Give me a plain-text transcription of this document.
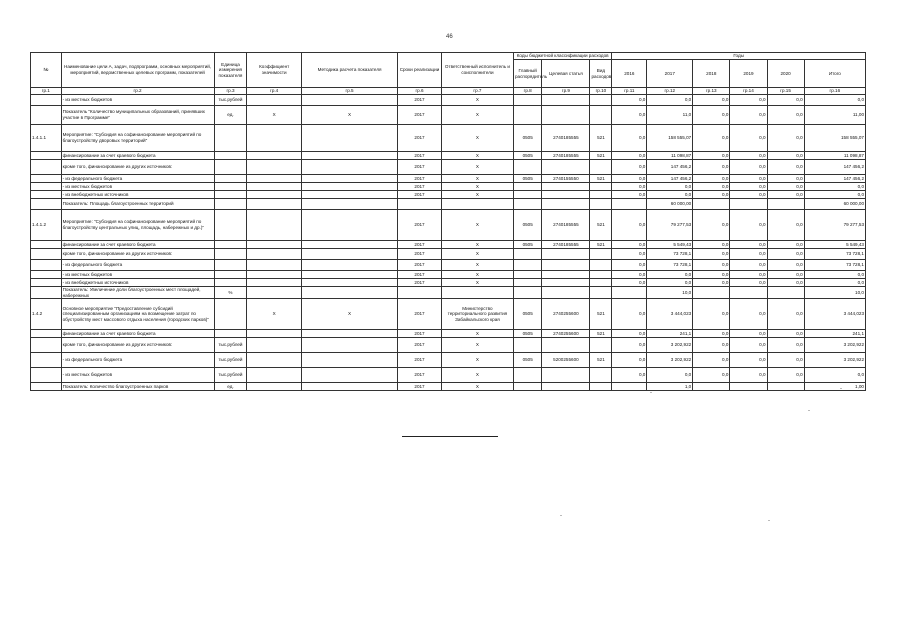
46
№	Наименование цели А, задач, подпрограмм, основных мероприятий, мероприятий, ведомственных целевых программ, показателей	Единица измерения показателя	Коэффициент значимости	Методика расчета показателя	Сроки реализации	Ответственный исполнитель и соисполнители	Коды бюджетной классификации расходов			Годы					
							Главный распорядитель	Целевая статья	Вид расходов	2016	2017	2018	2019	2020	Итого
гр.1	гр.2	гр.3	гр.4	гр.5	гр.6	гр.7	гр.8	гр.9	гр.10	гр.11	гр.12	гр.13	гр.14	гр.15	гр.16
	- из местных бюджетов	тыс.рублей			2017	Х				0,0	0,0	0,0	0,0	0,0	0,0
	Показатель "Количество муниципальных образований, принявших участие в Программе"	ед.	Х	Х	2017	Х				0,0	11,0	0,0	0,0	0,0	11,00
1.4.1.1	Мероприятие: "Субсидия на софинансирование мероприятий по благоустройству дворовых территорий"				2017	Х	0505	2740185555	521	0,0	158 555,07	0,0	0,0	0,0	158 555,07
	финансирование за счет краевого бюджета				2017	Х	0505	2740185555	521	0,0	11 098,87	0,0	0,0	0,0	11 098,87
	кроме того, финансирование из других источников:				2017	Х				0,0	147 456,2	0,0	0,0	0,0	147 456,2
	- из федерального бюджета				2017	Х	0505	2740155550	521	0,0	147 456,2	0,0	0,0	0,0	147 456,2
	- из местных бюджетов				2017	Х				0,0	0,0	0,0	0,0	0,0	0,0
	- из внебюджетных источников				2017	Х				0,0	0,0	0,0	0,0	0,0	0,0
	Показатель: Площадь благоустроенных территорий										60 000,00				60 000,00
1.4.1.2	Мероприятие: "Субсидия на софинансирование мероприятий по благоустройству центральных улиц, площадь, набережных и др.)"				2017	Х	0505	2740185555	521	0,0	79 277,53	0,0	0,0	0,0	79 277,53
	финансирование за счет краевого бюджета				2017	Х	0505	2740185555	521	0,0	5 549,43	0,0	0,0	0,0	5 549,43
	кроме того, финансирование из других источников:				2017	Х				0,0	73 728,1	0,0	0,0	0,0	73 728,1
	- из федерального бюджета				2017	Х				0,0	73 728,1	0,0	0,0	0,0	73 728,1
	- из местных бюджетов				2017	Х				0,0	0,0	0,0	0,0	0,0	0,0
	- из внебюджетных источников				2017	Х				0,0	0,0	0,0	0,0	0,0	0,0
	Показатель: Увеличение доли благоустроенных мест площадей, набережных	%									10,0				10,0
1.4.2	Основное мероприятие "Предоставление субсидий специализированным организациям на возмещение затрат по обустройству мест массового отдыха населения (городских парков)"		Х	Х	2017	Министерство территориального развития Забайкальского края	0505	2740255600	521	0,0	3 444,023	0,0	0,0	0,0	3 444,023
	финансирование за счет краевого бюджета				2017	Х	0505	2740255600	521	0,0	241,1	0,0	0,0	0,0	241,1
	кроме того, финансирование из других источников:	тыс.рублей			2017	Х				0,0	3 202,922	0,0	0,0	0,0	3 202,922
	- из федерального бюджета	тыс.рублей			2017	Х	0505	5200255600	521	0,0	3 202,922	0,0	0,0	0,0	3 202,922
	- из местных бюджетов	тыс.рублей			2017	Х				0,0	0,0	0,0	0,0	0,0	0,0
	Показатель: Количество благоустроенных парков	ед.			2017	Х					1,0				1,00
